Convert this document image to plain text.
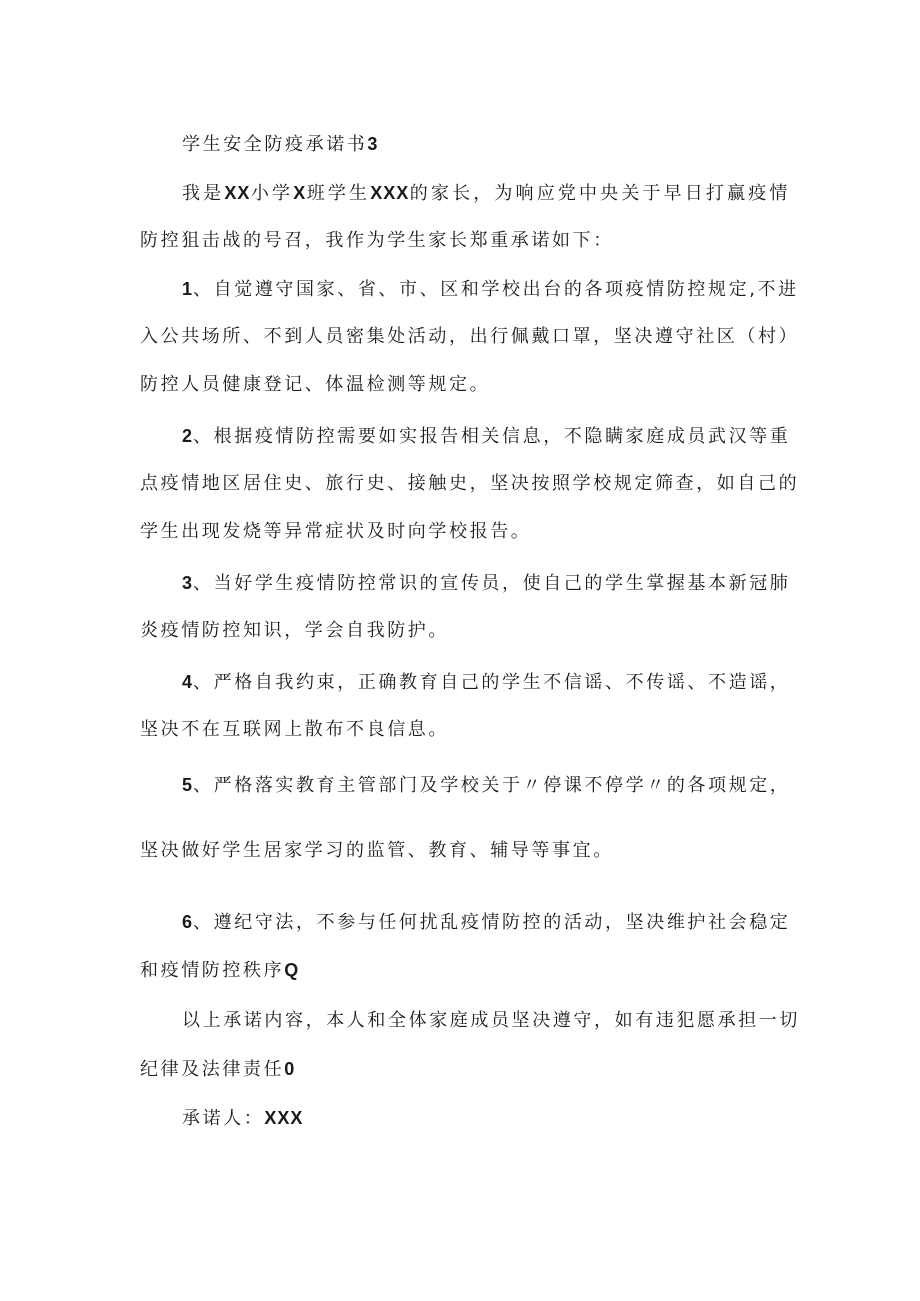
学生安全防疫承诺书3

我是XX小学X班学生XXX的家长，为响应党中央关于早日打赢疫情

防控狙击战的号召，我作为学生家长郑重承诺如下：

1、自觉遵守国家、省、市、区和学校出台的各项疫情防控规定,不进

入公共场所、不到人员密集处活动，出行佩戴口罩，坚决遵守社区（村）

防控人员健康登记、体温检测等规定。

2、根据疫情防控需要如实报告相关信息，不隐瞒家庭成员武汉等重

点疫情地区居住史、旅行史、接触史，坚决按照学校规定筛查，如自己的

学生出现发烧等异常症状及时向学校报告。

3、当好学生疫情防控常识的宣传员，使自己的学生掌握基本新冠肺

炎疫情防控知识，学会自我防护。

4、严格自我约束，正确教育自己的学生不信谣、不传谣、不造谣，

坚决不在互联网上散布不良信息。

5、严格落实教育主管部门及学校关于〃停课不停学〃的各项规定，

坚决做好学生居家学习的监管、教育、辅导等事宜。

6、遵纪守法，不参与任何扰乱疫情防控的活动，坚决维护社会稳定

和疫情防控秩序Q

以上承诺内容，本人和全体家庭成员坚决遵守，如有违犯愿承担一切

纪律及法律责任0

承诺人：XXX
